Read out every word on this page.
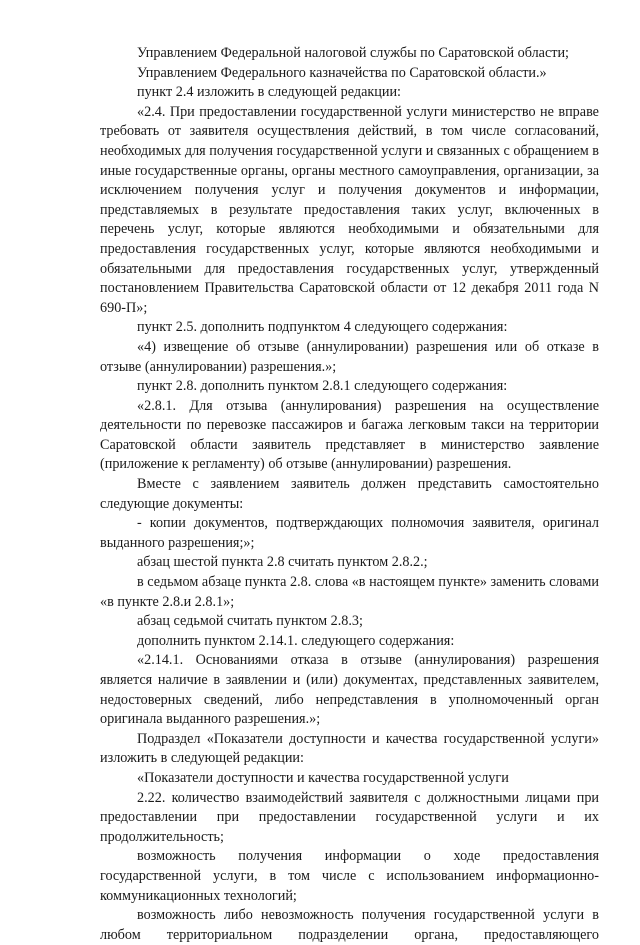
Управлением Федеральной налоговой службы по Саратовской области;

Управлением Федерального казначейства по Саратовской области.»

пункт 2.4 изложить в следующей редакции:

«2.4. При предоставлении государственной услуги министерство не вправе требовать от заявителя осуществления действий, в том числе согласований, необходимых для получения государственной услуги и связанных с обращением в иные государственные органы, органы местного самоуправления, организации, за исключением получения услуг и получения документов и информации, представляемых в результате предоставления таких услуг, включенных в перечень услуг, которые являются необходимыми и обязательными для предоставления государственных услуг, которые являются необходимыми и обязательными для предоставления государственных услуг, утвержденный постановлением Правительства Саратовской области от 12 декабря 2011 года N 690-П»;

пункт 2.5. дополнить подпунктом 4 следующего содержания:

«4) извещение об отзыве (аннулировании) разрешения или об отказе в отзыве (аннулировании) разрешения.»;

пункт 2.8. дополнить пунктом 2.8.1 следующего содержания:

«2.8.1. Для отзыва (аннулирования) разрешения на осуществление деятельности по перевозке пассажиров и багажа легковым такси на территории Саратовской области заявитель представляет в министерство заявление (приложение к регламенту) об отзыве (аннулировании) разрешения.

Вместе с заявлением заявитель должен представить самостоятельно следующие документы:

- копии документов, подтверждающих полномочия заявителя, оригинал выданного разрешения;»;

абзац шестой пункта 2.8 считать пунктом 2.8.2.;

в седьмом абзаце пункта 2.8. слова «в настоящем пункте» заменить словами «в пункте 2.8.и 2.8.1»;

абзац седьмой считать пунктом 2.8.3;

дополнить пунктом 2.14.1. следующего содержания:

«2.14.1. Основаниями отказа в отзыве (аннулирования) разрешения является наличие в заявлении и (или) документах, представленных заявителем, недостоверных сведений, либо непредставления в уполномоченный орган оригинала выданного разрешения.»;

Подраздел «Показатели доступности и качества государственной услуги» изложить в следующей редакции:

«Показатели доступности и качества государственной услуги

2.22. количество взаимодействий заявителя с должностными лицами при предоставлении при предоставлении государственной услуги и их продолжительность;

возможность получения информации о ходе предоставления государственной услуги, в том числе с использованием информационно-коммуникационных технологий;

возможность либо невозможность получения государственной услуги в любом территориальном подразделении органа, предоставляющего
